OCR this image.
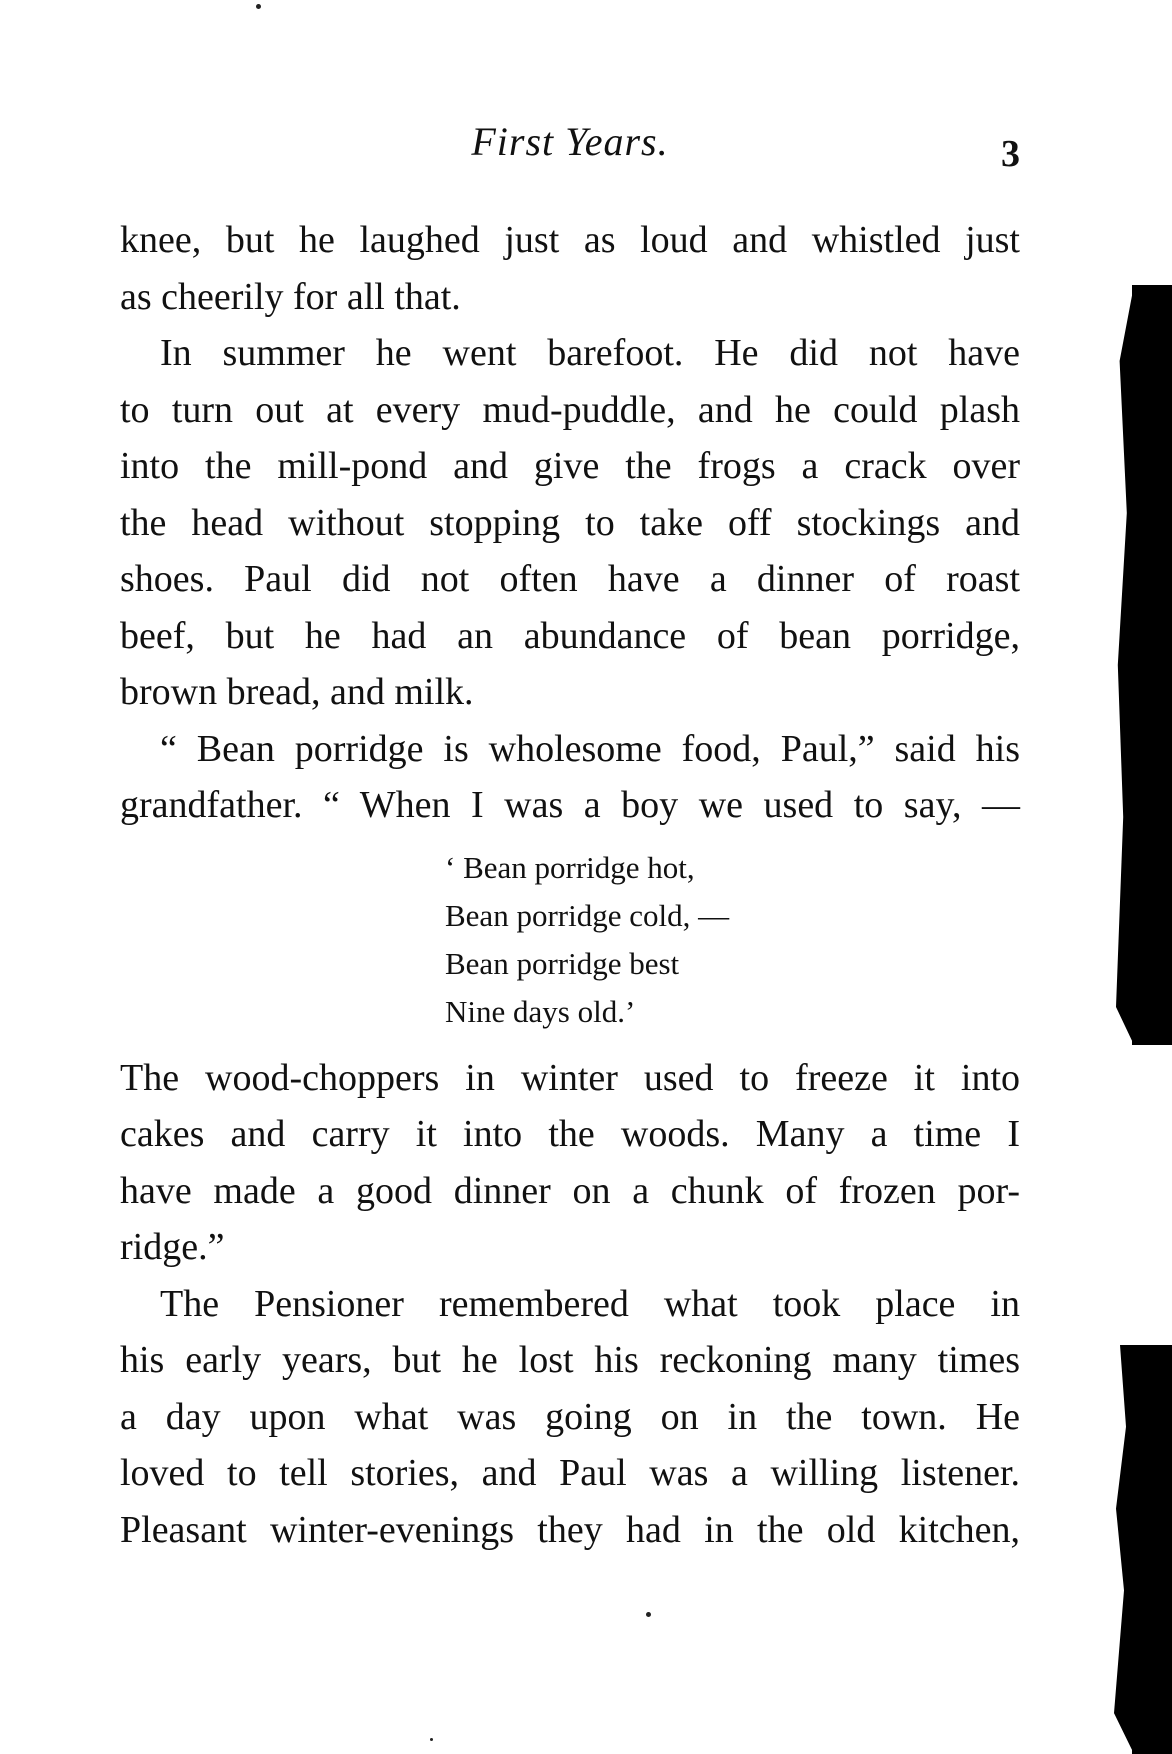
First Years.	3

knee, but he laughed just as loud and whistled just
as cheerily for all that.

In summer he went barefoot. He did not have
to turn out at every mud-puddle, and he could plash
into the mill-pond and give the frogs a crack over
the head without stopping to take off stockings and
shoes. Paul did not often have a dinner of roast
beef, but he had an abundance of bean porridge,
brown bread, and milk.

“ Bean porridge is wholesome food, Paul,” said his
grandfather. “ When I was a boy we used to say, —

‘ Bean porridge hot,
Bean porridge cold, —
Bean porridge best
Nine days old.’

The wood-choppers in winter used to freeze it into
cakes and carry it into the woods. Many a time I
have made a good dinner on a chunk of frozen por-
ridge.”

The Pensioner remembered what took place in
his early years, but he lost his reckoning many times
a day upon what was going on in the town. He
loved to tell stories, and Paul was a willing listener.
Pleasant winter-evenings they had in the old kitchen,
